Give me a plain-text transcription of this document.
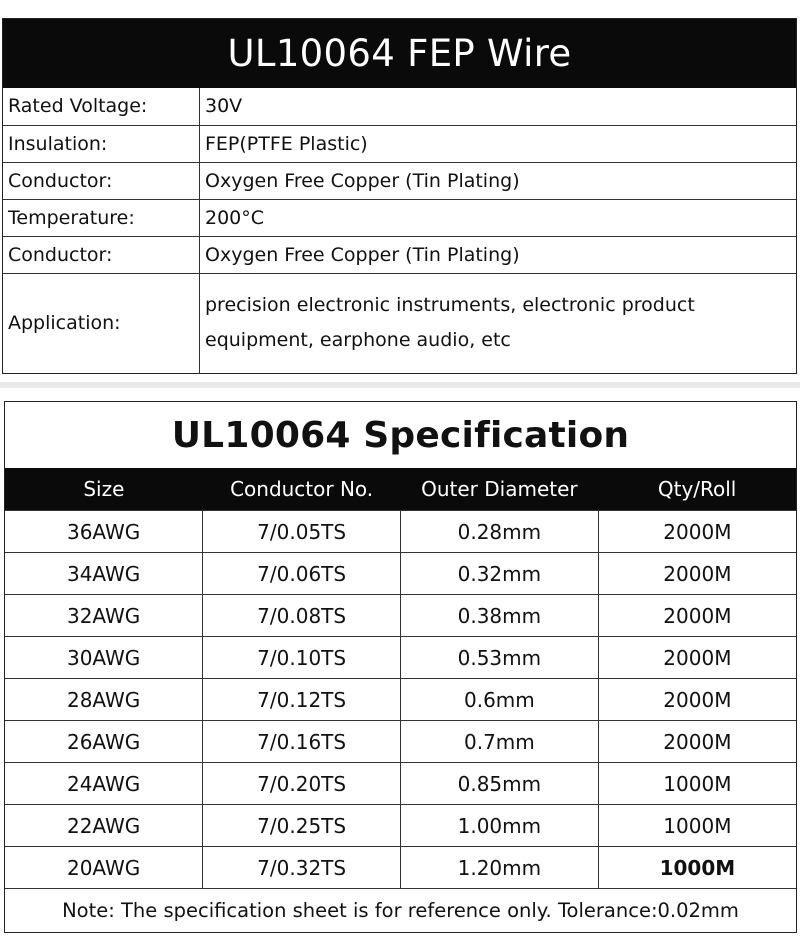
UL10064 FEP Wire
Rated Voltage:	30V
Insulation:	FEP(PTFE Plastic)
Conductor:	Oxygen Free Copper (Tin Plating)
Temperature:	200°C
Conductor:	Oxygen Free Copper (Tin Plating)
Application:	precision electronic instruments, electronic product equipment, earphone audio, etc
UL10064 Specification
Size	Conductor No.	Outer Diameter	Qty/Roll
36AWG	7/0.05TS	0.28mm	2000M
34AWG	7/0.06TS	0.32mm	2000M
32AWG	7/0.08TS	0.38mm	2000M
30AWG	7/0.10TS	0.53mm	2000M
28AWG	7/0.12TS	0.6mm	2000M
26AWG	7/0.16TS	0.7mm	2000M
24AWG	7/0.20TS	0.85mm	1000M
22AWG	7/0.25TS	1.00mm	1000M
20AWG	7/0.32TS	1.20mm	1000M
Note: The specification sheet is for reference only. Tolerance:0.02mm
